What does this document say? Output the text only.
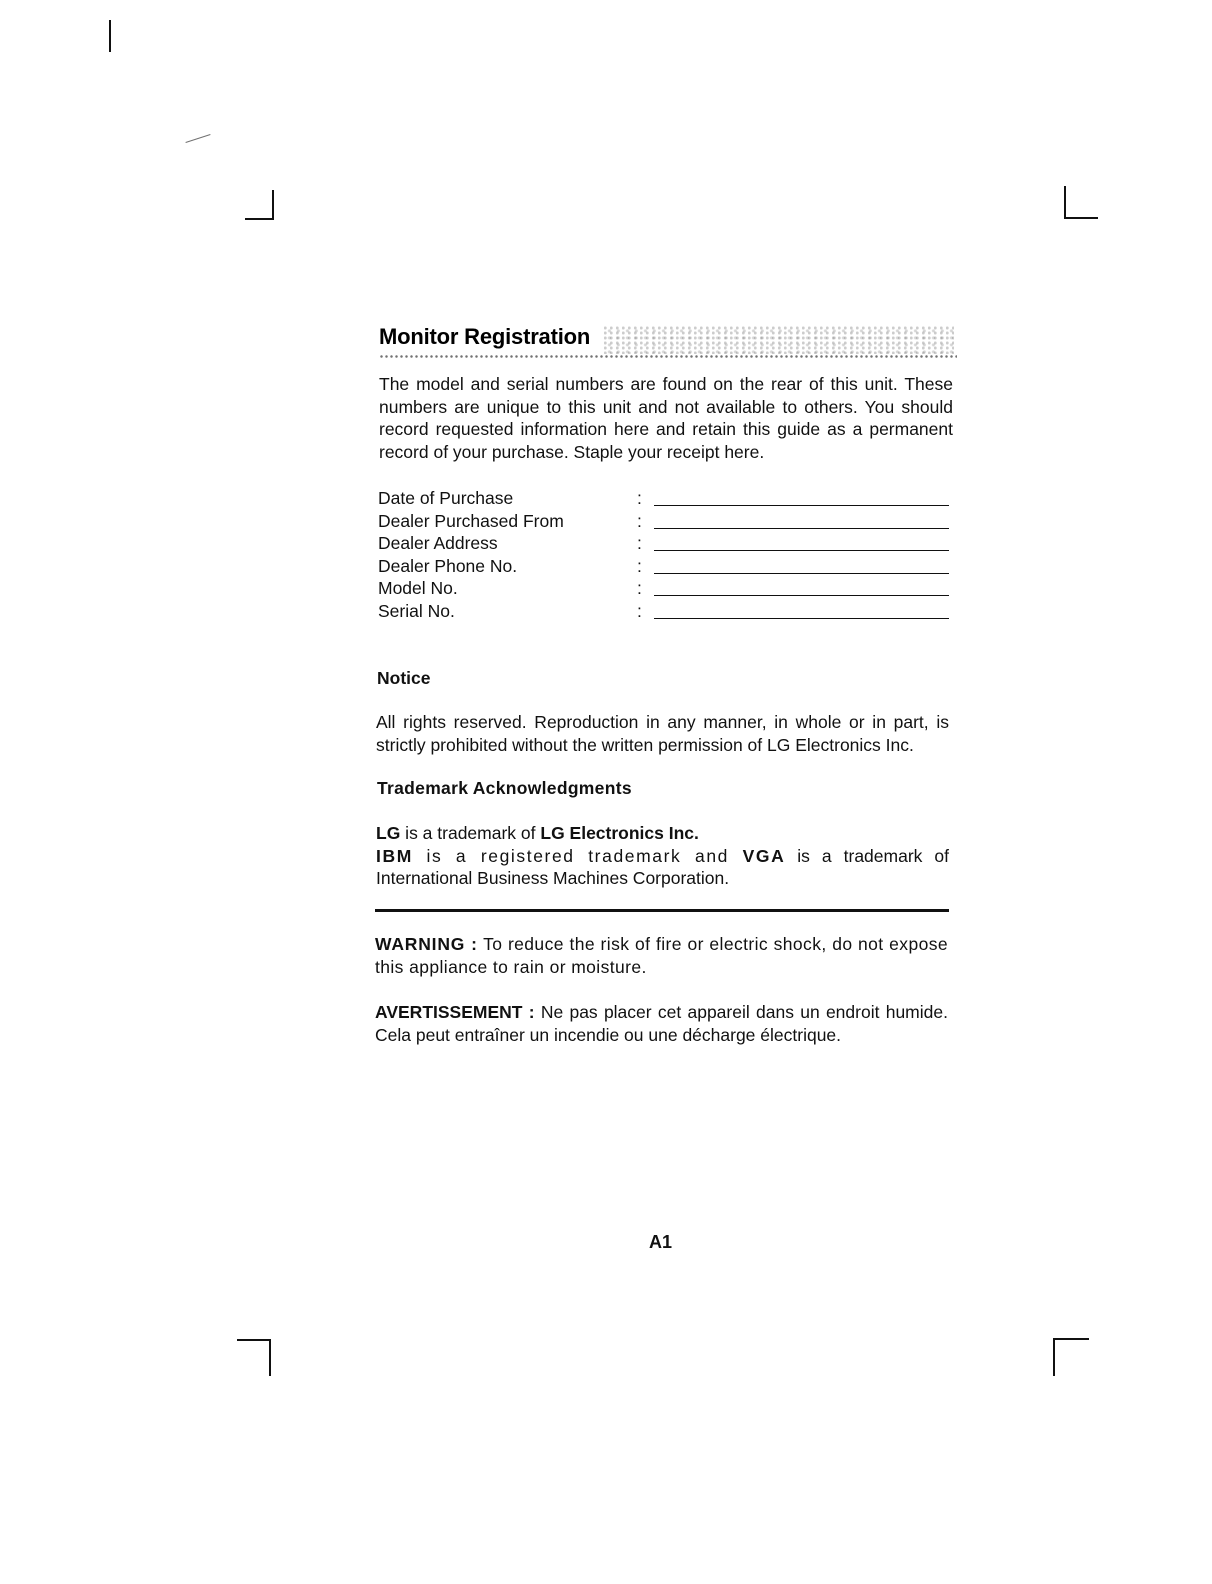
Monitor Registration
The model and serial numbers are found on the rear of this unit. These numbers are unique to this unit and not available to others. You should record requested information here and retain this guide as a permanent record of your purchase. Staple your receipt here.
Date of Purchase	:
Dealer Purchased From	:
Dealer Address	:
Dealer Phone No.	:
Model No.	:
Serial No.	:
Notice
All rights reserved. Reproduction in any manner, in whole or in part, is strictly prohibited without the written permission of LG Electronics Inc.
Trademark Acknowledgments
LG is a trademark of LG Electronics Inc.
IBM is a registered trademark and VGA is a trademark of International Business Machines Corporation.
WARNING : To reduce the risk of fire or electric shock, do not expose this appliance to rain or moisture.
AVERTISSEMENT : Ne pas placer cet appareil dans un endroit humide. Cela peut entraîner un incendie ou une décharge électrique.
A1
